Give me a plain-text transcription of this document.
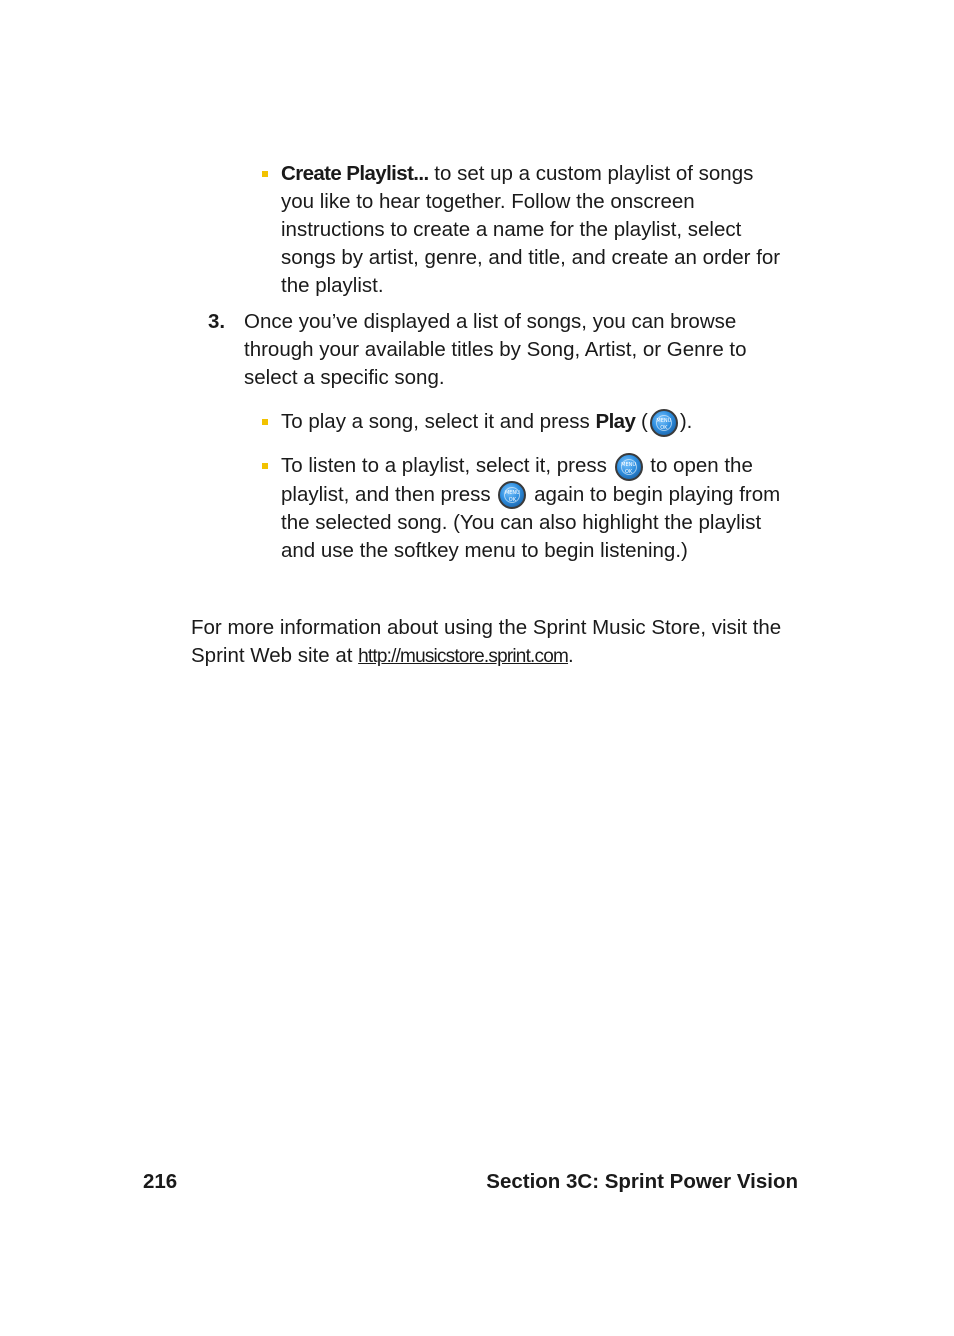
Create Playlist... to set up a custom playlist of songs you like to hear together. Follow the onscreen instructions to create a name for the playlist, select songs by artist, genre, and title, and create an order for the playlist.
3. Once you’ve displayed a list of songs, you can browse through your available titles by Song, Artist, or Genre to select a specific song.
To play a song, select it and press Play (	MENU
OK ).
To listen to a playlist, select it, press	MENU
OK to open the playlist, and then press	MENU
OK again to begin playing from the selected song. (You can also highlight the playlist and use the softkey menu to begin listening.)
For more information about using the Sprint Music Store, visit the Sprint Web site at http://musicstore.sprint.com.
216	Section 3C: Sprint Power Vision
